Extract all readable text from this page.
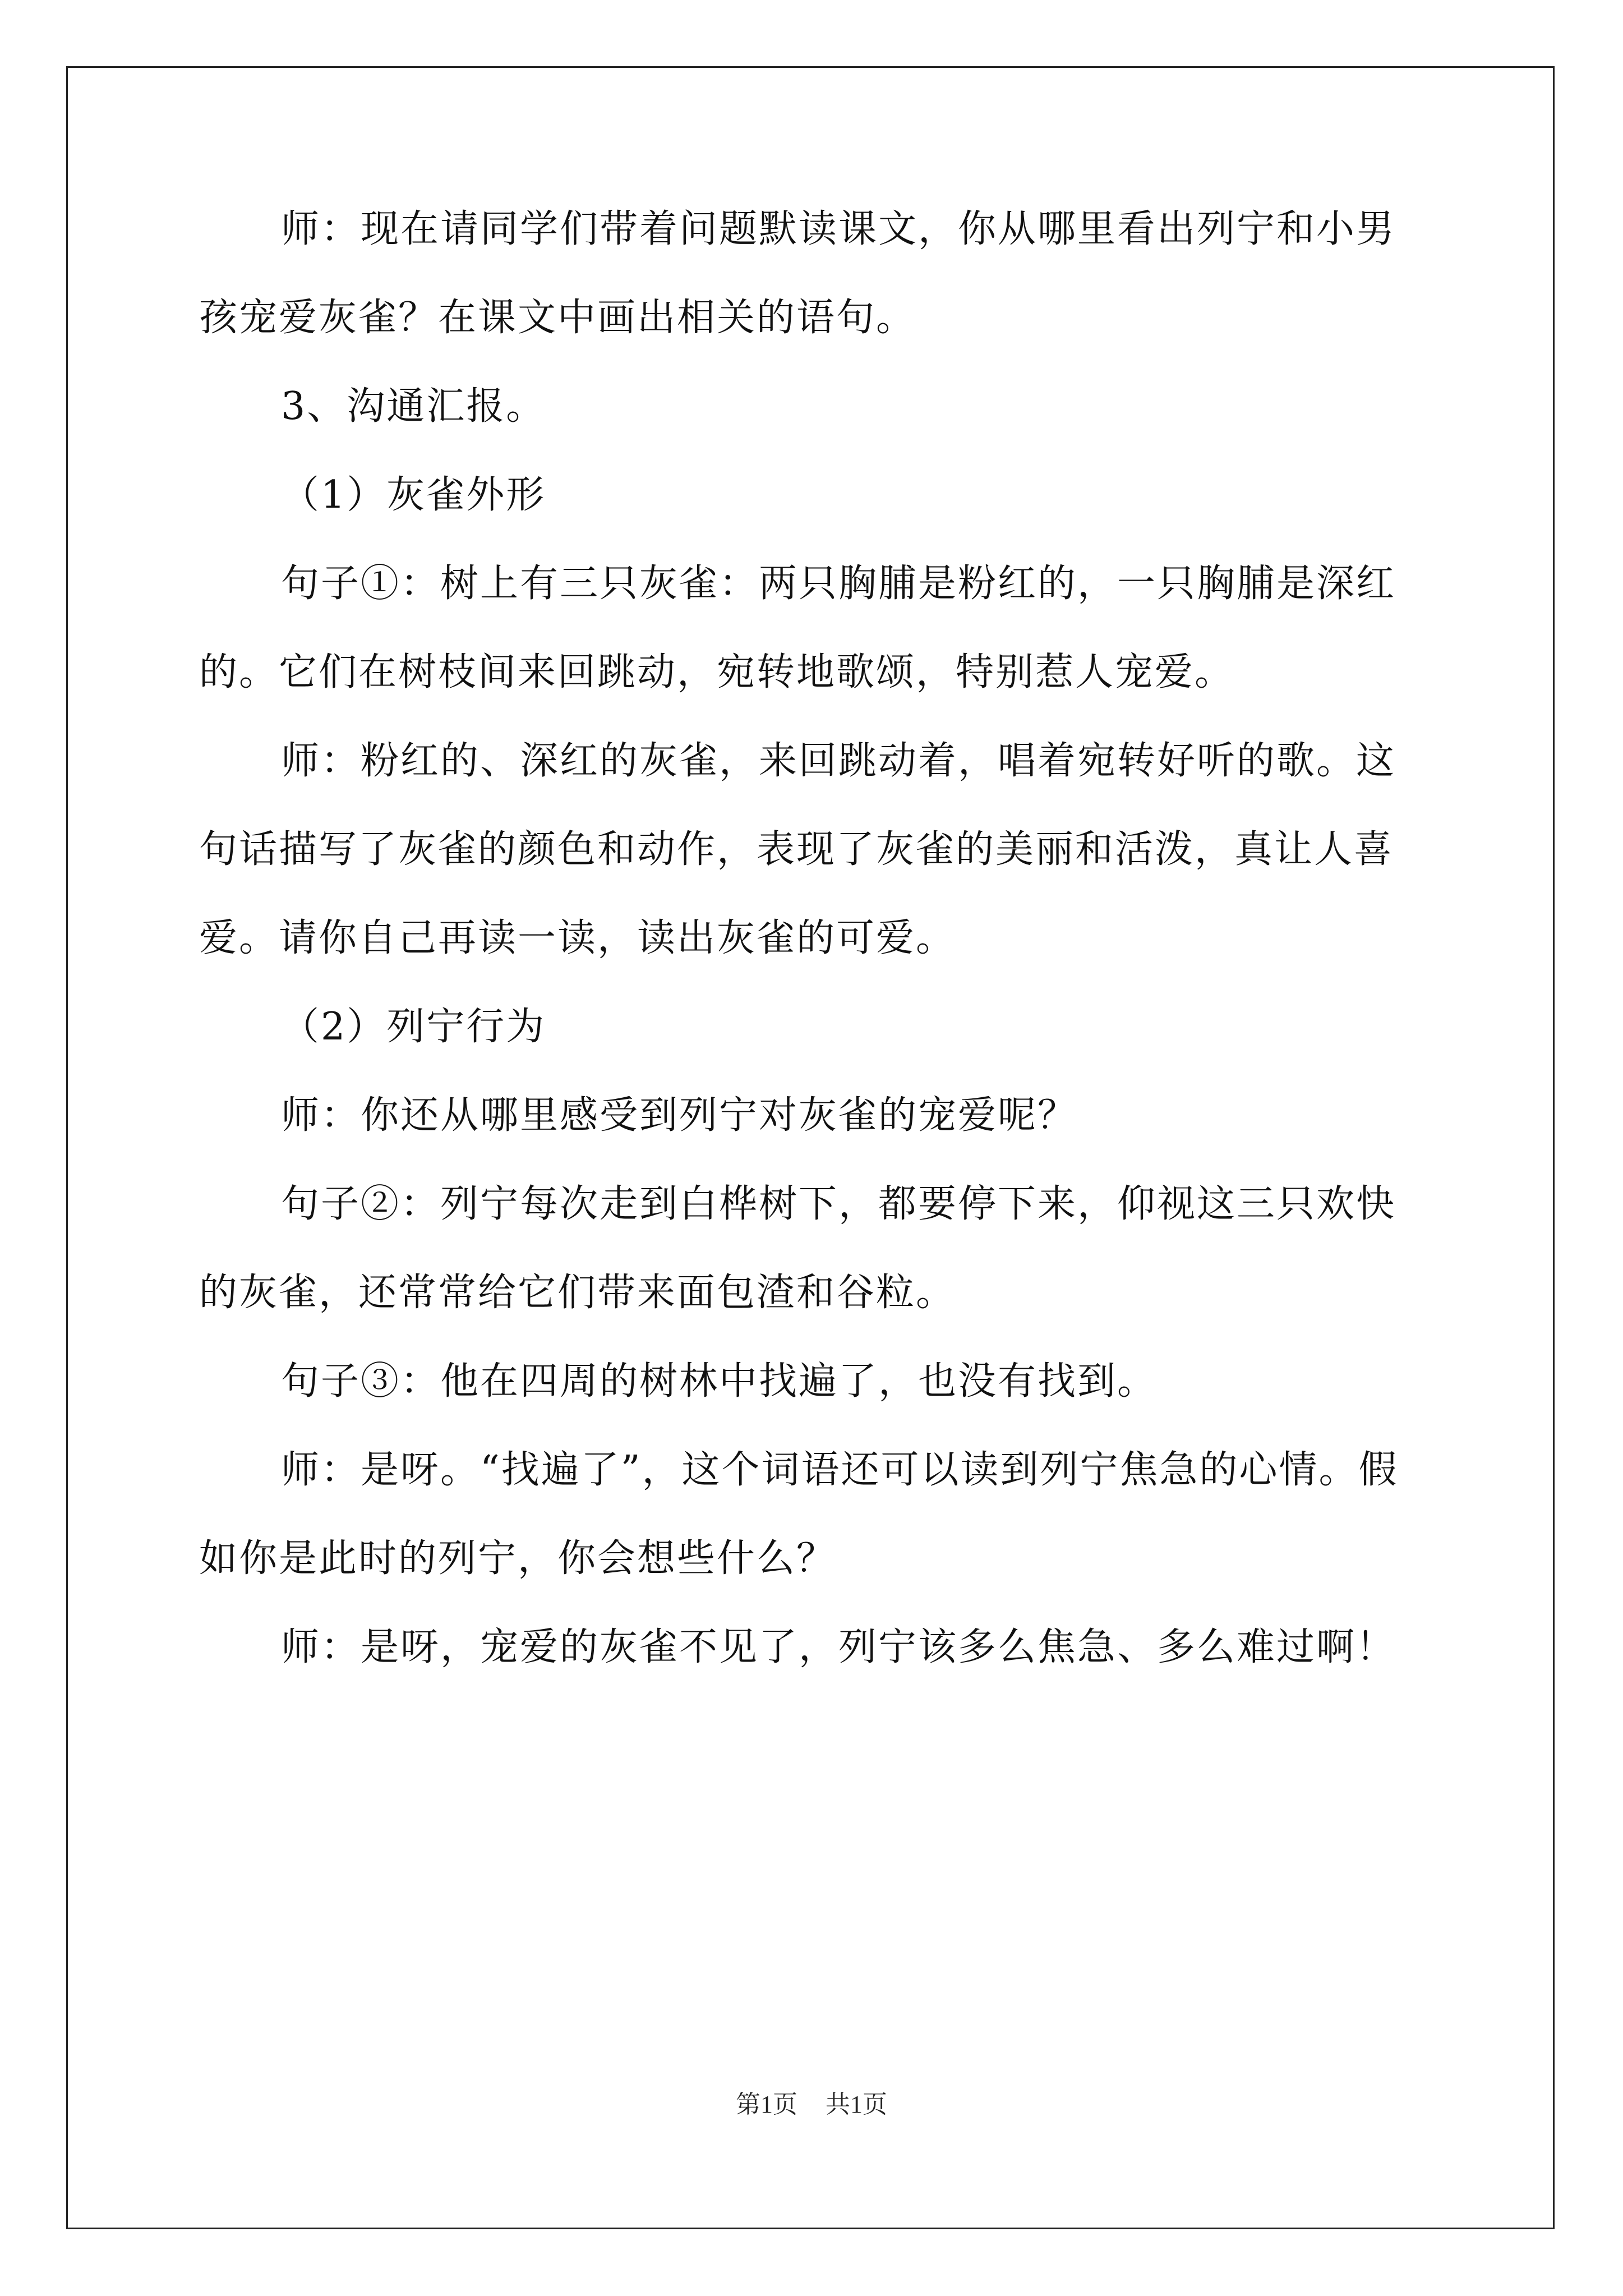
师：现在请同学们带着问题默读课文，你从哪里看出列宁和小男孩宠爱灰雀？在课文中画出相关的语句。

3、沟通汇报。

（1）灰雀外形

句子①：树上有三只灰雀：两只胸脯是粉红的，一只胸脯是深红的。它们在树枝间来回跳动，宛转地歌颂，特别惹人宠爱。

师：粉红的、深红的灰雀，来回跳动着，唱着宛转好听的歌。这句话描写了灰雀的颜色和动作，表现了灰雀的美丽和活泼，真让人喜爱。请你自己再读一读，读出灰雀的可爱。

（2）列宁行为

师：你还从哪里感受到列宁对灰雀的宠爱呢？

句子②：列宁每次走到白桦树下，都要停下来，仰视这三只欢快的灰雀，还常常给它们带来面包渣和谷粒。

句子③：他在四周的树林中找遍了，也没有找到。

师：是呀。“找遍了”，这个词语还可以读到列宁焦急的心情。假如你是此时的列宁，你会想些什么？

师：是呀，宠爱的灰雀不见了，列宁该多么焦急、多么难过啊！

第1页 共1页
